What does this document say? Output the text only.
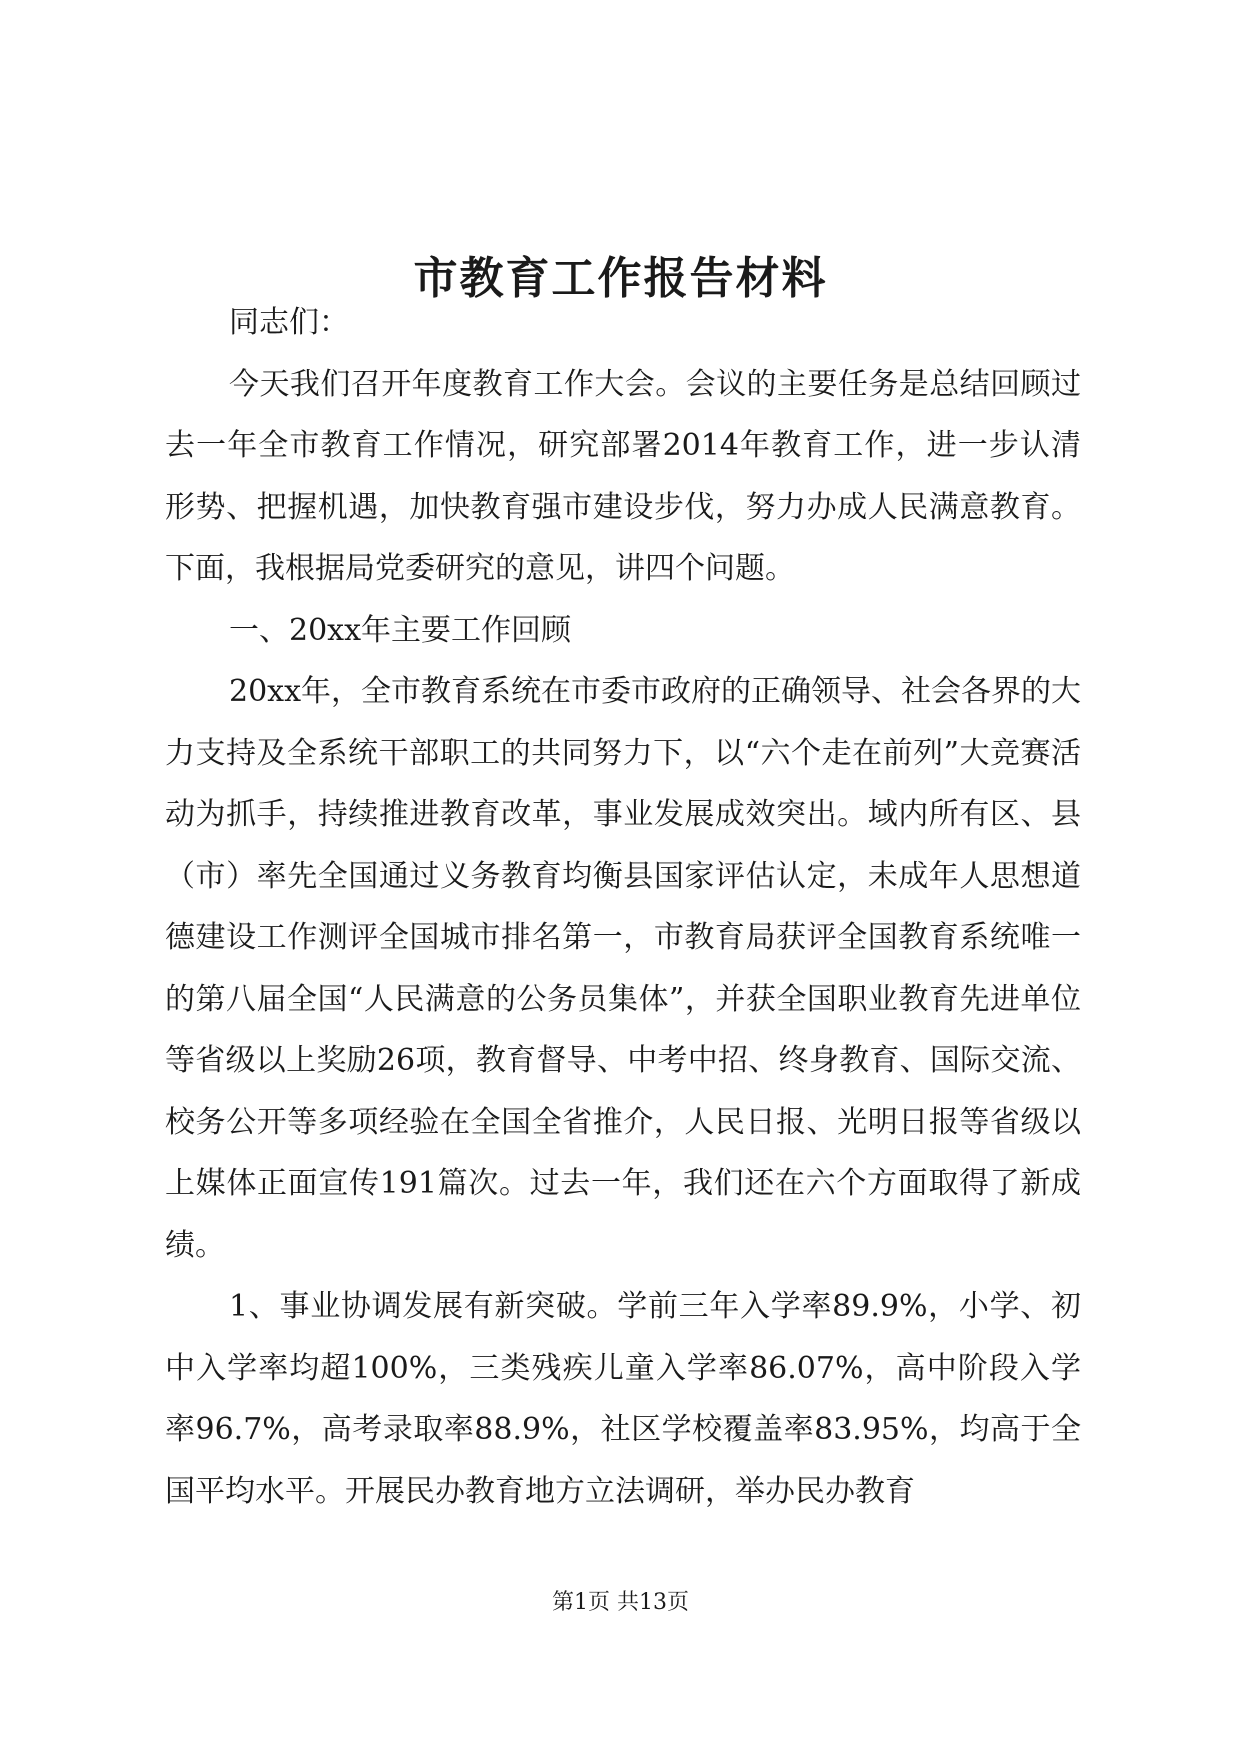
市教育工作报告材料

同志们：

今天我们召开年度教育工作大会。会议的主要任务是总结回顾过去一年全市教育工作情况，研究部署2014年教育工作，进一步认清形势、把握机遇，加快教育强市建设步伐，努力办成人民满意教育。下面，我根据局党委研究的意见，讲四个问题。

一、20xx年主要工作回顾

20xx年，全市教育系统在市委市政府的正确领导、社会各界的大力支持及全系统干部职工的共同努力下，以“六个走在前列”大竞赛活动为抓手，持续推进教育改革，事业发展成效突出。域内所有区、县（市）率先全国通过义务教育均衡县国家评估认定，未成年人思想道德建设工作测评全国城市排名第一，市教育局获评全国教育系统唯一的第八届全国“人民满意的公务员集体”，并获全国职业教育先进单位等省级以上奖励26项，教育督导、中考中招、终身教育、国际交流、校务公开等多项经验在全国全省推介，人民日报、光明日报等省级以上媒体正面宣传191篇次。过去一年，我们还在六个方面取得了新成绩。

1、事业协调发展有新突破。学前三年入学率89.9%，小学、初中入学率均超100%，三类残疾儿童入学率86.07%，高中阶段入学率96.7%，高考录取率88.9%，社区学校覆盖率83.95%，均高于全国平均水平。开展民办教育地方立法调研，举办民办教育

第1页 共13页
